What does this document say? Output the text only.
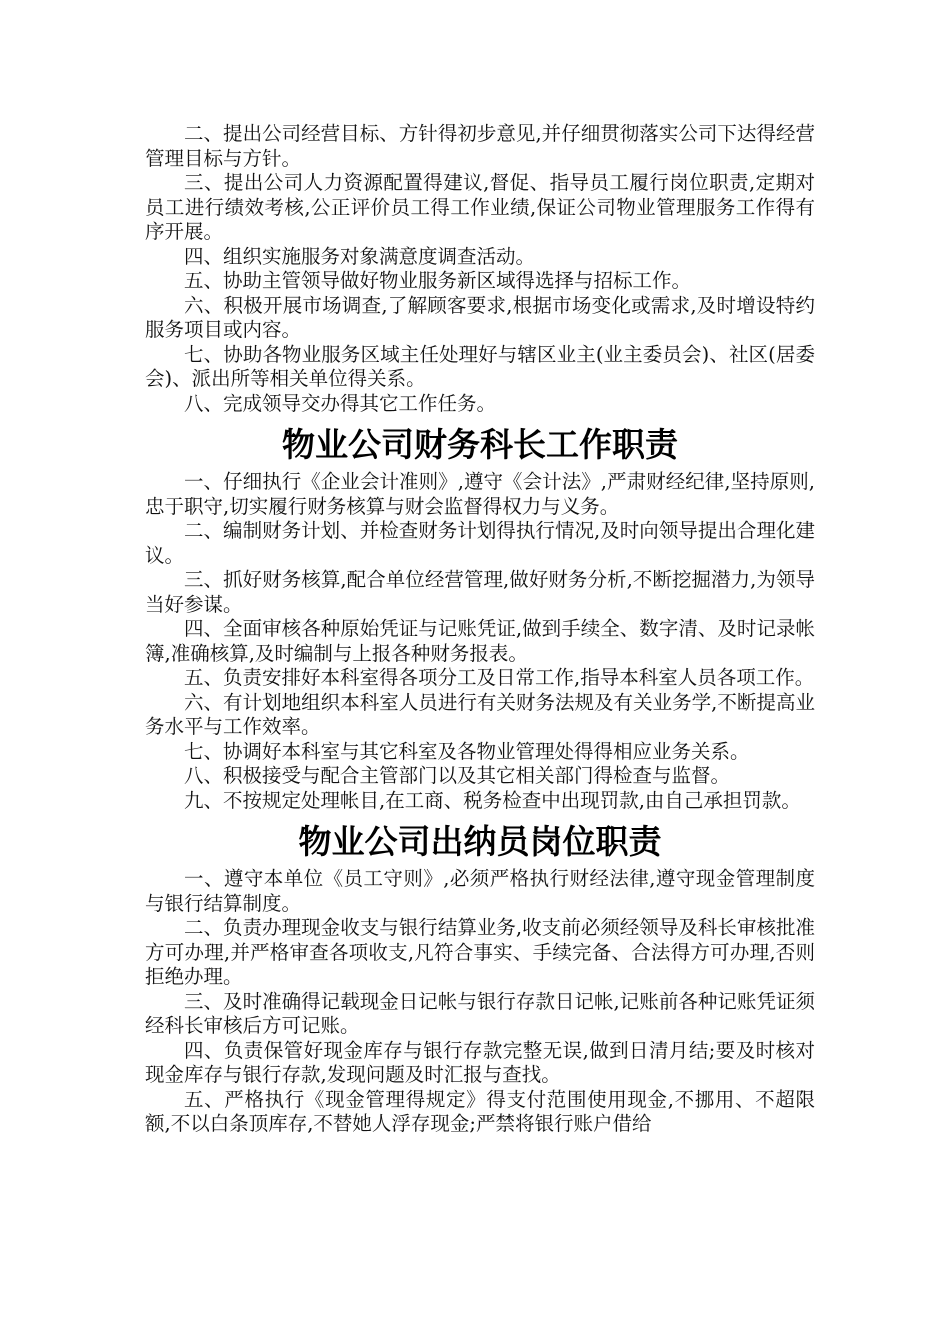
二、提出公司经营目标、方针得初步意见,并仔细贯彻落实公司下达得经营管理目标与方针。

三、提出公司人力资源配置得建议,督促、指导员工履行岗位职责,定期对员工进行绩效考核,公正评价员工得工作业绩,保证公司物业管理服务工作得有序开展。

四、组织实施服务对象满意度调查活动。

五、协助主管领导做好物业服务新区域得选择与招标工作。

六、积极开展市场调查,了解顾客要求,根据市场变化或需求,及时增设特约服务项目或内容。

七、协助各物业服务区域主任处理好与辖区业主(业主委员会)、社区(居委会)、派出所等相关单位得关系。

八、完成领导交办得其它工作任务。

物业公司财务科长工作职责

一、仔细执行《企业会计准则》,遵守《会计法》,严肃财经纪律,坚持原则,忠于职守,切实履行财务核算与财会监督得权力与义务。

二、编制财务计划、并检查财务计划得执行情况,及时向领导提出合理化建议。

三、抓好财务核算,配合单位经营管理,做好财务分析,不断挖掘潜力,为领导当好参谋。

四、全面审核各种原始凭证与记账凭证,做到手续全、数字清、及时记录帐簿,准确核算,及时编制与上报各种财务报表。

五、负责安排好本科室得各项分工及日常工作,指导本科室人员各项工作。

六、有计划地组织本科室人员进行有关财务法规及有关业务学,不断提高业务水平与工作效率。

七、协调好本科室与其它科室及各物业管理处得得相应业务关系。

八、积极接受与配合主管部门以及其它相关部门得检查与监督。

九、不按规定处理帐目,在工商、税务检查中出现罚款,由自己承担罚款。

物业公司出纳员岗位职责

一、遵守本单位《员工守则》,必须严格执行财经法律,遵守现金管理制度与银行结算制度。

二、负责办理现金收支与银行结算业务,收支前必须经领导及科长审核批准方可办理,并严格审查各项收支,凡符合事实、手续完备、合法得方可办理,否则拒绝办理。

三、及时准确得记载现金日记帐与银行存款日记帐,记账前各种记账凭证须经科长审核后方可记账。

四、负责保管好现金库存与银行存款完整无误,做到日清月结;要及时核对现金库存与银行存款,发现问题及时汇报与查找。

五、严格执行《现金管理得规定》得支付范围使用现金,不挪用、不超限额,不以白条顶库存,不替她人浮存现金;严禁将银行账户借给
